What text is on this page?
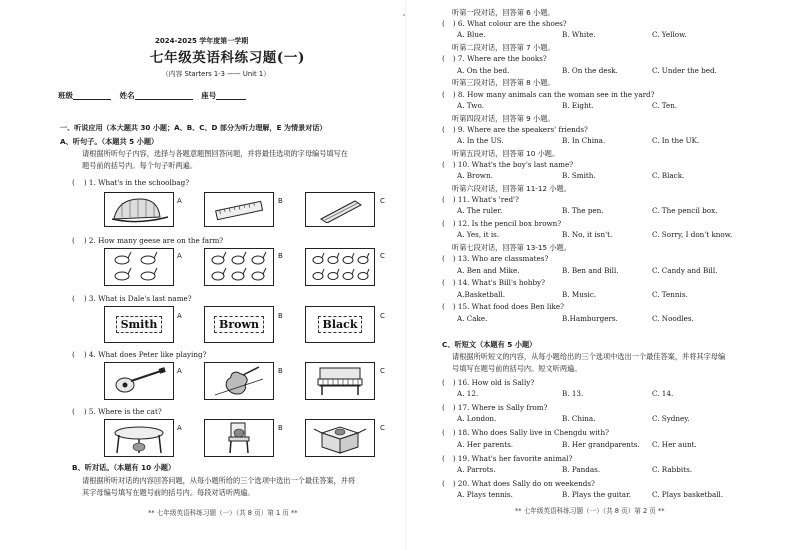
2024-2025 学年度第一学期
七年级英语科练习题(一)
（内容 Starters 1-3 —— Unit 1）
班级	姓名	座号
一、听说应用（本大题共 30 小题；A、B、C、D 部分为听力理解，E 为情景对话）
A、听句子。（本题共 5 小题）
请根据所听句子内容，选择与各题意题图回答问题，并将最佳选项的字母编号填写在
题号前的括号内。每个句子听两遍。
( ) 1. What's in the schoolbag?
A	B	C
( ) 2. How many geese are on the farm?
A	B	C
( ) 3. What is Dale's last name?
Smith
A
Brown
B
Black
C
( ) 4. What does Peter like playing?
A	B	C
( ) 5. Where is the cat?
A	B	C
B、听对话。（本题有 10 小题）
请根据所听对话的内容回答问题，从每小题所给的三个选项中选出一个最佳答案，并将
其字母编号填写在题号前的括号内。每段对话听两遍。
** 七年级英语科练习题（一）（共 8 页）第 1 页 **
听第一段对话，回答第 6 小题。
( ) 6. What colour are the shoes?
A. Blue.	B. White.	C. Yellow.
听第二段对话，回答第 7 小题。
( ) 7. Where are the books?
A. On the bed.	B. On the desk.	C. Under the bed.
听第三段对话，回答第 8 小题。
( ) 8. How many animals can the woman see in the yard?
A. Two.	B. Eight.	C. Ten.
听第四段对话，回答第 9 小题。
( ) 9. Where are the speakers' friends?
A. In the US.	B. In China.	C. In the UK.
听第五段对话，回答第 10 小题。
( ) 10. What's the boy's last name?
A. Brown.	B. Smith.	C. Black.
听第六段对话，回答第 11-12 小题。
( ) 11. What's 'red'?
A. The ruler.	B. The pen.	C. The pencil box.
( ) 12. Is the pencil box brown?
A. Yes, it is.	B. No, it isn't.	C. Sorry, I don't know.
听第七段对话，回答第 13-15 小题。
( ) 13. Who are classmates?
A. Ben and Mike.	B. Ben and Bill.	C. Candy and Bill.
( ) 14. What's Bill's hobby?
A.Basketball.	B. Music.	C. Tennis.
( ) 15. What food does Ben like?
A. Cake.	B.Hamburgers.	C. Noodles.
C、听短文（本题有 5 小题）
请根据所听短文的内容，从每小题给出的三个选项中选出一个最佳答案，并将其字母编
号填写在题号前的括号内。短文听两遍。
( ) 16. How old is Sally?
A. 12.	B. 13.	C. 14.
( ) 17. Where is Sally from?
A. London.	B. China.	C. Sydney.
( ) 18. Who does Sally live in Chengdu with?
A. Her parents.	B. Her grandparents. C. Her aunt.
( ) 19. What's her favorite animal?
A. Parrots.	B. Pandas.	C. Rabbits.
( ) 20. What does Sally do on weekends?
A. Plays tennis.	B. Plays the guitar.	C. Plays basketball.
** 七年级英语科练习题（一）（共 8 页）第 2 页 **
